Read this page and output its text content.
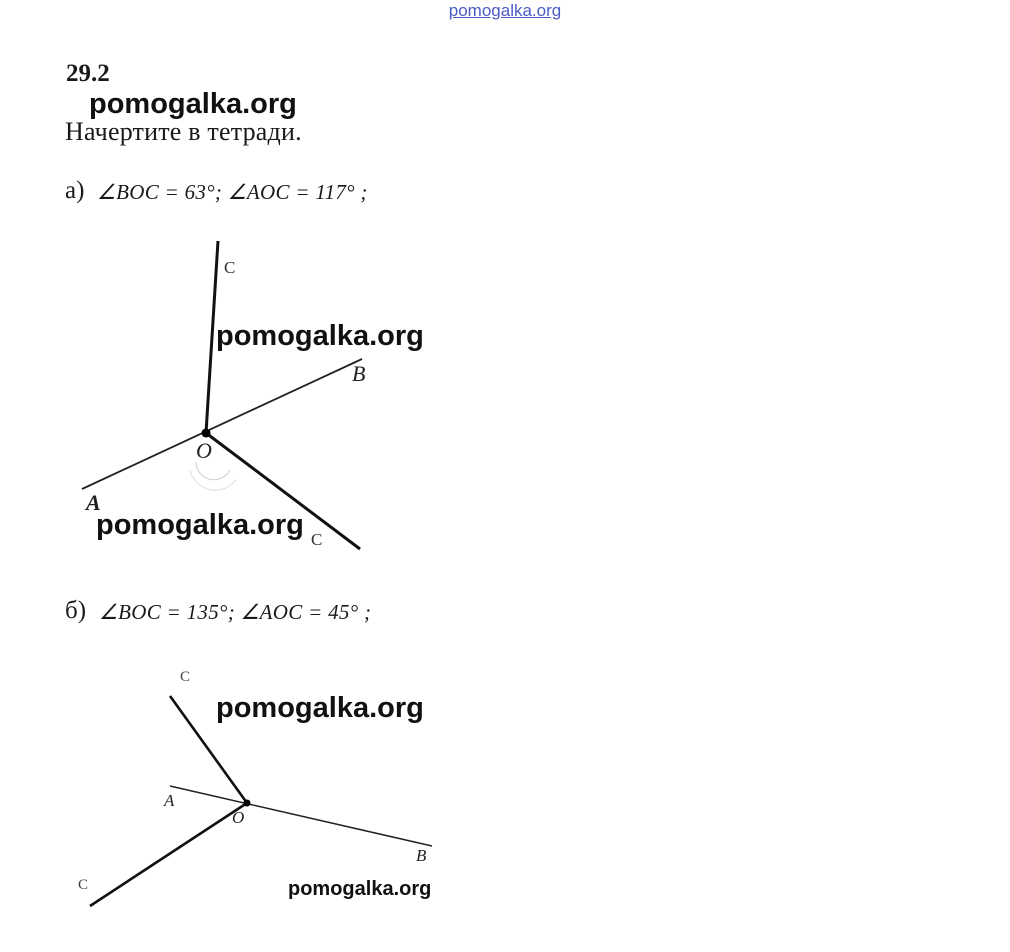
pomogalka.org
29.2
pomogalka.org
Начертите в тетради.
а) ∠BOC = 63°; ∠AOC = 117° ;
C
B
O
A
C
pomogalka.org
pomogalka.org
б) ∠BOC = 135°; ∠AOC = 45° ;
C
A
O
B
C
pomogalka.org
pomogalka.org
